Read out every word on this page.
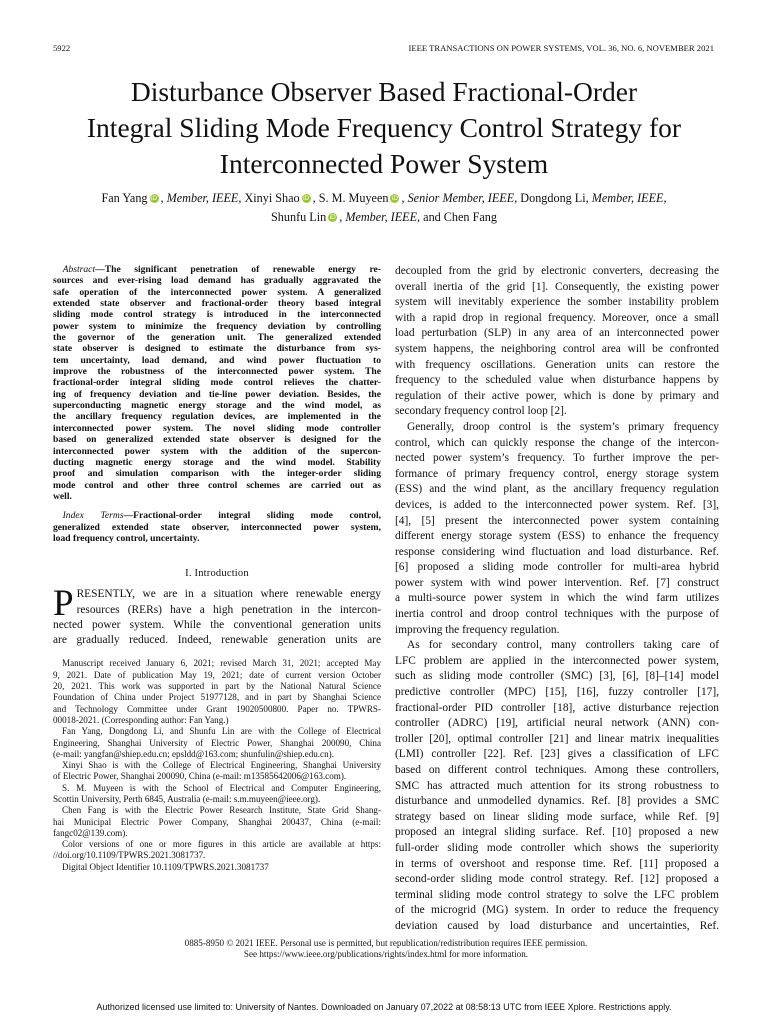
5922	IEEE TRANSACTIONS ON POWER SYSTEMS, VOL. 36, NO. 6, NOVEMBER 2021
Disturbance Observer Based Fractional-Order
Integral Sliding Mode Frequency Control Strategy for
Interconnected Power System
Fan Yang iD , Member, IEEE, Xinyi Shao iD , S. M. Muyeen iD , Senior Member, IEEE, Dongdong Li, Member, IEEE,
Shunfu Lin iD , Member, IEEE, and Chen Fang
  Abstract—The significant penetration of renewable energy re-
sources and ever-rising load demand has gradually aggravated the
safe operation of the interconnected power system. A generalized
extended state observer and fractional-order theory based integral
sliding mode control strategy is introduced in the interconnected
power system to minimize the frequency deviation by controlling
the governor of the generation unit. The generalized extended
state observer is designed to estimate the disturbance from sys-
tem uncertainty, load demand, and wind power fluctuation to
improve the robustness of the interconnected power system. The
fractional-order integral sliding mode control relieves the chatter-
ing of frequency deviation and tie-line power deviation. Besides, the
superconducting magnetic energy storage and the wind model, as
the ancillary frequency regulation devices, are implemented in the
interconnected power system. The novel sliding mode controller
based on generalized extended state observer is designed for the
interconnected power system with the addition of the supercon-
ducting magnetic energy storage and the wind model. Stability
proof and simulation comparison with the integer-order sliding
mode control and other three control schemes are carried out as
well.
  Index Terms—Fractional-order integral sliding mode control,
generalized extended state observer, interconnected power system,
load frequency control, uncertainty.
I. Introduction
P RESENTLY, we are in a situation where renewable energy
resources (RERs) have a high penetration in the intercon-
nected power system. While the conventional generation units
are gradually reduced. Indeed, renewable generation units are
Manuscript received January 6, 2021; revised March 31, 2021; accepted May
9, 2021. Date of publication May 19, 2021; date of current version October
20, 2021. This work was supported in part by the National Natural Science
Foundation of China under Project 51977128, and in part by Shanghai Science
and Technology Committee under Grant 19020500800. Paper no. TPWRS-
00018-2021. (Corresponding author: Fan Yang.)
Fan Yang, Dongdong Li, and Shunfu Lin are with the College of Electrical
Engineering, Shanghai University of Electric Power, Shanghai 200090, China
(e-mail: yangfan@shiep.edu.cn; epsldd@163.com; shunfulin@shiep.edu.cn).
Xinyi Shao is with the College of Electrical Engineering, Shanghai University
of Electric Power, Shanghai 200090, China (e-mail: m13585642006@163.com).
S. M. Muyeen is with the School of Electrical and Computer Engineering,
Scottin University, Perth 6845, Australia (e-mail: s.m.muyeen@ieee.org).
Chen Fang is with the Electric Power Research Institute, State Grid Shang-
hai Municipal Electric Power Company, Shanghai 200437, China (e-mail:
fangc02@139.com).
Color versions of one or more figures in this article are available at https:
//doi.org/10.1109/TPWRS.2021.3081737.
Digital Object Identifier 10.1109/TPWRS.2021.3081737
decoupled from the grid by electronic converters, decreasing the
overall inertia of the grid [1]. Consequently, the existing power
system will inevitably experience the somber instability problem
with a rapid drop in regional frequency. Moreover, once a small
load perturbation (SLP) in any area of an interconnected power
system happens, the neighboring control area will be confronted
with frequency oscillations. Generation units can restore the
frequency to the scheduled value when disturbance happens by
regulation of their active power, which is done by primary and
secondary frequency control loop [2].
Generally, droop control is the system’s primary frequency
control, which can quickly response the change of the intercon-
nected power system’s frequency. To further improve the per-
formance of primary frequency control, energy storage system
(ESS) and the wind plant, as the ancillary frequency regulation
devices, is added to the interconnected power system. Ref. [3],
[4], [5] present the interconnected power system containing
different energy storage system (ESS) to enhance the frequency
response considering wind fluctuation and load disturbance. Ref.
[6] proposed a sliding mode controller for multi-area hybrid
power system with wind power intervention. Ref. [7] construct
a multi-source power system in which the wind farm utilizes
inertia control and droop control techniques with the purpose of
improving the frequency regulation.
As for secondary control, many controllers taking care of
LFC problem are applied in the interconnected power system,
such as sliding mode controller (SMC) [3], [6], [8]–[14] model
predictive controller (MPC) [15], [16], fuzzy controller [17],
fractional-order PID controller [18], active disturbance rejection
controller (ADRC) [19], artificial neural network (ANN) con-
troller [20], optimal controller [21] and linear matrix inequalities
(LMI) controller [22]. Ref. [23] gives a classification of LFC
based on different control techniques. Among these controllers,
SMC has attracted much attention for its strong robustness to
disturbance and unmodelled dynamics. Ref. [8] provides a SMC
strategy based on linear sliding mode surface, while Ref. [9]
proposed an integral sliding surface. Ref. [10] proposed a new
full-order sliding mode controller which shows the superiority
in terms of overshoot and response time. Ref. [11] proposed a
second-order sliding mode control strategy. Ref. [12] proposed a
terminal sliding mode control strategy to solve the LFC problem
of the microgrid (MG) system. In order to reduce the frequency
deviation caused by load disturbance and uncertainties, Ref.
0885-8950 © 2021 IEEE. Personal use is permitted, but republication/redistribution requires IEEE permission.
See https://www.ieee.org/publications/rights/index.html for more information.
Authorized licensed use limited to: University of Nantes. Downloaded on January 07,2022 at 08:58:13 UTC from IEEE Xplore. Restrictions apply.
